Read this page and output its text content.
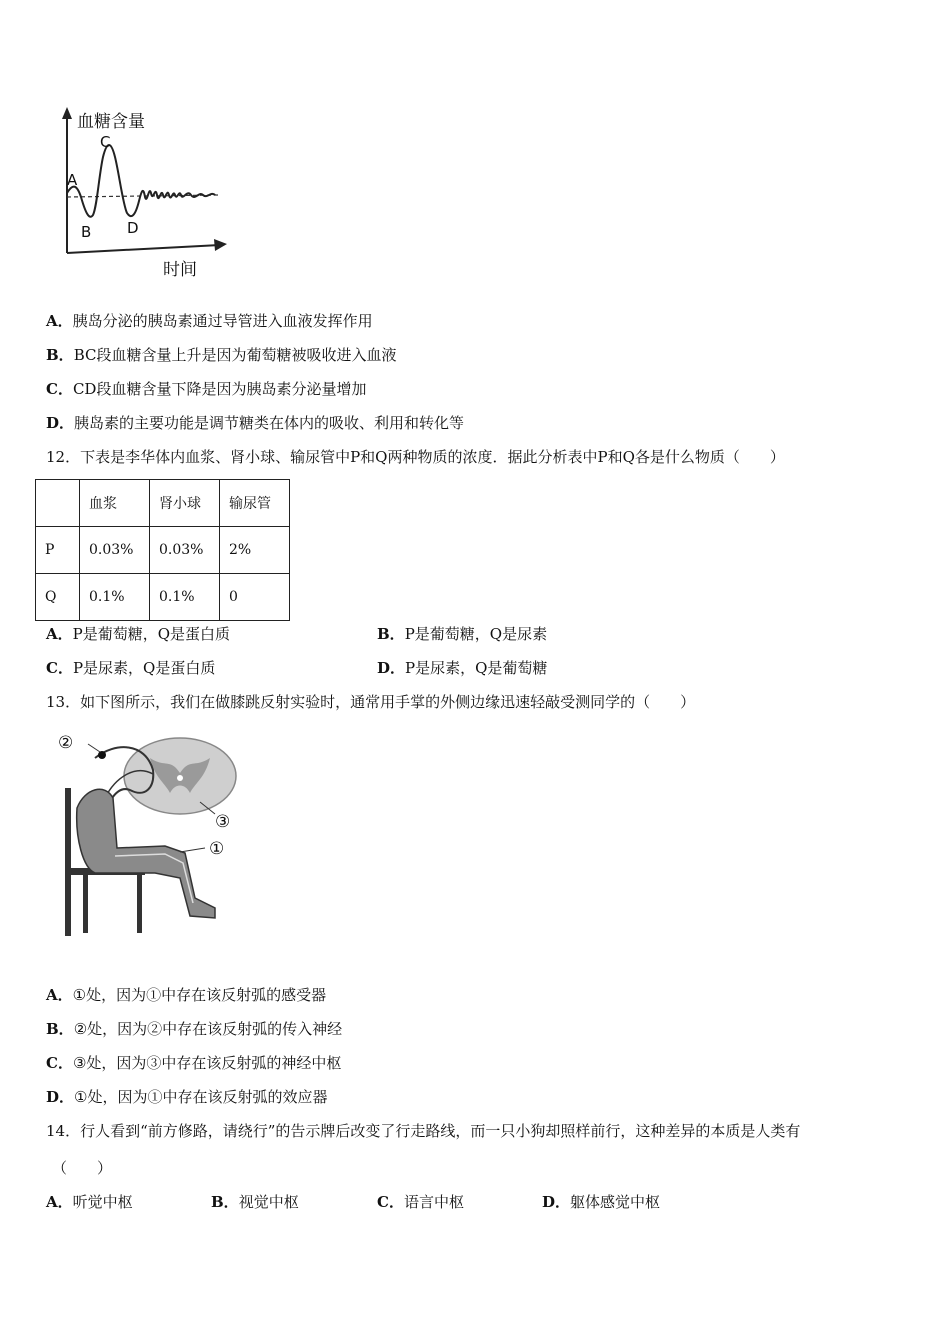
血糖含量
A
B
C
D
时间
A．胰岛分泌的胰岛素通过导管进入血液发挥作用
B．BC段血糖含量上升是因为葡萄糖被吸收进入血液
C．CD段血糖含量下降是因为胰岛素分泌量增加
D．胰岛素的主要功能是调节糖类在体内的吸收、利用和转化等
12．下表是李华体内血浆、肾小球、输尿管中P和Q两种物质的浓度．据此分析表中P和Q各是什么物质（　　）
	血浆	肾小球	输尿管
P	0.03%	0.03%	2%
Q	0.1%	0.1%	0
A．P是葡萄糖，Q是蛋白质	B．P是葡萄糖，Q是尿素
C．P是尿素，Q是蛋白质	D．P是尿素，Q是葡萄糖
13．如下图所示，我们在做膝跳反射实验时，通常用手掌的外侧边缘迅速轻敲受测同学的（　　）
②
③
①
A．①处，因为①中存在该反射弧的感受器
B．②处，因为②中存在该反射弧的传入神经
C．③处，因为③中存在该反射弧的神经中枢
D．①处，因为①中存在该反射弧的效应器
14．行人看到“前方修路，请绕行”的告示牌后改变了行走路线，而一只小狗却照样前行，这种差异的本质是人类有
（　　）
A．听觉中枢	B．视觉中枢	C．语言中枢	D．躯体感觉中枢
